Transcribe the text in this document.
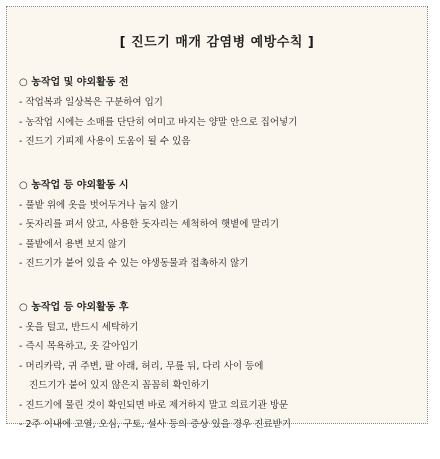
[ 진드기 매개 감염병 예방수칙 ]
○ 농작업 및 야외활동 전
- 작업복과 일상복은 구분하여 입기
- 농작업 시에는 소매를 단단히 여미고 바지는 양말 안으로 집어넣기
- 진드기 기피제 사용이 도움이 될 수 있음
○ 농작업 등 야외활동 시
- 풀밭 위에 옷을 벗어두거나 눕지 않기
- 돗자리를 펴서 앉고, 사용한 돗자리는 세척하여 햇볕에 말리기
- 풀밭에서 용변 보지 않기
- 진드기가 붙어 있을 수 있는 야생동물과 접촉하지 않기
○ 농작업 등 야외활동 후
- 옷을 털고, 반드시 세탁하기
- 즉시 목욕하고, 옷 갈아입기
- 머리카락, 귀 주변, 팔 아래, 허리, 무릎 뒤, 다리 사이 등에
진드기가 붙어 있지 않은지 꼼꼼히 확인하기
- 진드기에 물린 것이 확인되면 바로 제거하지 말고 의료기관 방문
- 2주 이내에 고열, 오심, 구토, 설사 등의 증상 있을 경우 진료받기
